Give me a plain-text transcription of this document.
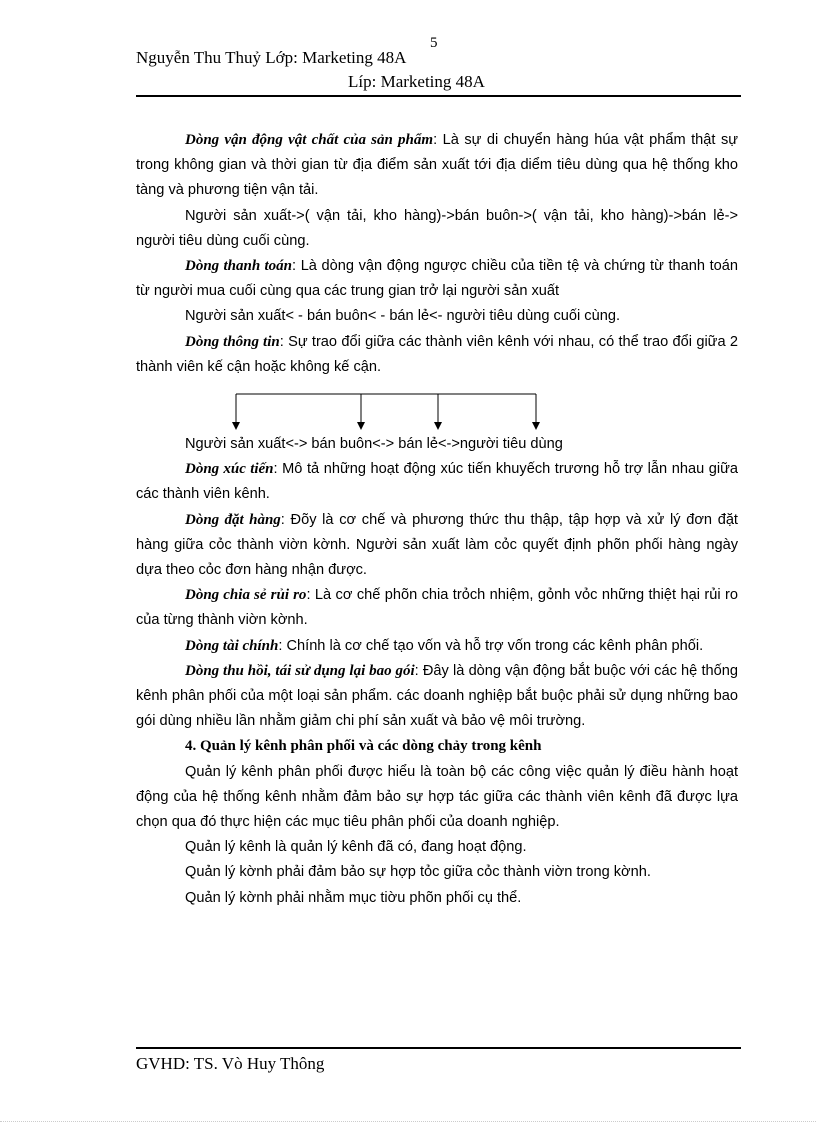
5
Nguyễn Thu Thuỷ Lớp: Marketing 48A
Líp: Marketing 48A

Dòng vận động vật chất của sản phẩm: Là sự di chuyển hàng húa vật phẩm thật sự trong không gian và thời gian từ địa điểm sản xuất tới địa diểm tiêu dùng qua hệ thống kho tàng và phương tiện vận tải.

Người sản xuất->( vận tải, kho hàng)->bán buôn->( vận tải, kho hàng)->bán lẻ-> người tiêu dùng cuối cùng.

Dòng thanh toán: Là dòng vận động ngược chiều của tiền tệ và chứng từ thanh toán từ người mua cuối cùng qua các trung gian trở lại người sản xuất

Người sản xuất< - bán buôn< - bán lẻ<- người tiêu dùng cuối cùng.

Dòng thông tin: Sự trao đổi giữa các thành viên kênh với nhau, có thể trao đổi giữa 2 thành viên kế cận hoặc không kế cận.

Người sản xuất<-> bán buôn<-> bán lẻ<->người tiêu dùng

Dòng xúc tiến: Mô tả những hoạt động xúc tiến khuyếch trương hỗ trợ lẫn nhau giữa các thành viên kênh.

Dòng đặt hàng: Đõy là cơ chế và phương thức thu thập, tập hợp và xử lý đơn đặt hàng giữa cỏc thành viờn kờnh. Người sản xuất làm cỏc quyết định phõn phối hàng ngày dựa theo cỏc đơn hàng nhận được.

Dòng chia sẻ rủi ro: Là cơ chế phõn chia trỏch nhiệm, gỏnh vỏc những thiệt hại rủi ro của từng thành viờn kờnh.

Dòng tài chính: Chính là cơ chế tạo vốn và hỗ trợ vốn trong các kênh phân phối.

Dòng thu hồi, tái sử dụng lại bao gói: Đây là dòng vận động bắt buộc với các hệ thống kênh phân phối của một loại sản phẩm. các doanh nghiệp bắt buộc phải sử dụng những bao gói dùng nhiều lần nhằm giảm chi phí sản xuất và bảo vệ môi trường.

4. Quản lý kênh phân phối và các dòng chảy trong kênh

Quản lý kênh phân phối được hiểu là toàn bộ các công việc quản lý điều hành hoạt động của hệ thống kênh nhằm đảm bảo sự hợp tác giữa các thành viên kênh đã được lựa chọn qua đó thực hiện các mục tiêu phân phối của doanh nghiệp.

Quản lý kênh là quản lý kênh đã có, đang hoạt động.

Quản lý kờnh phải đảm bảo sự hợp tỏc giữa cỏc thành viờn trong kờnh.

Quản lý kờnh phải nhằm mục tiờu phõn phối cụ thể.

GVHD: TS. Vò Huy Thông
